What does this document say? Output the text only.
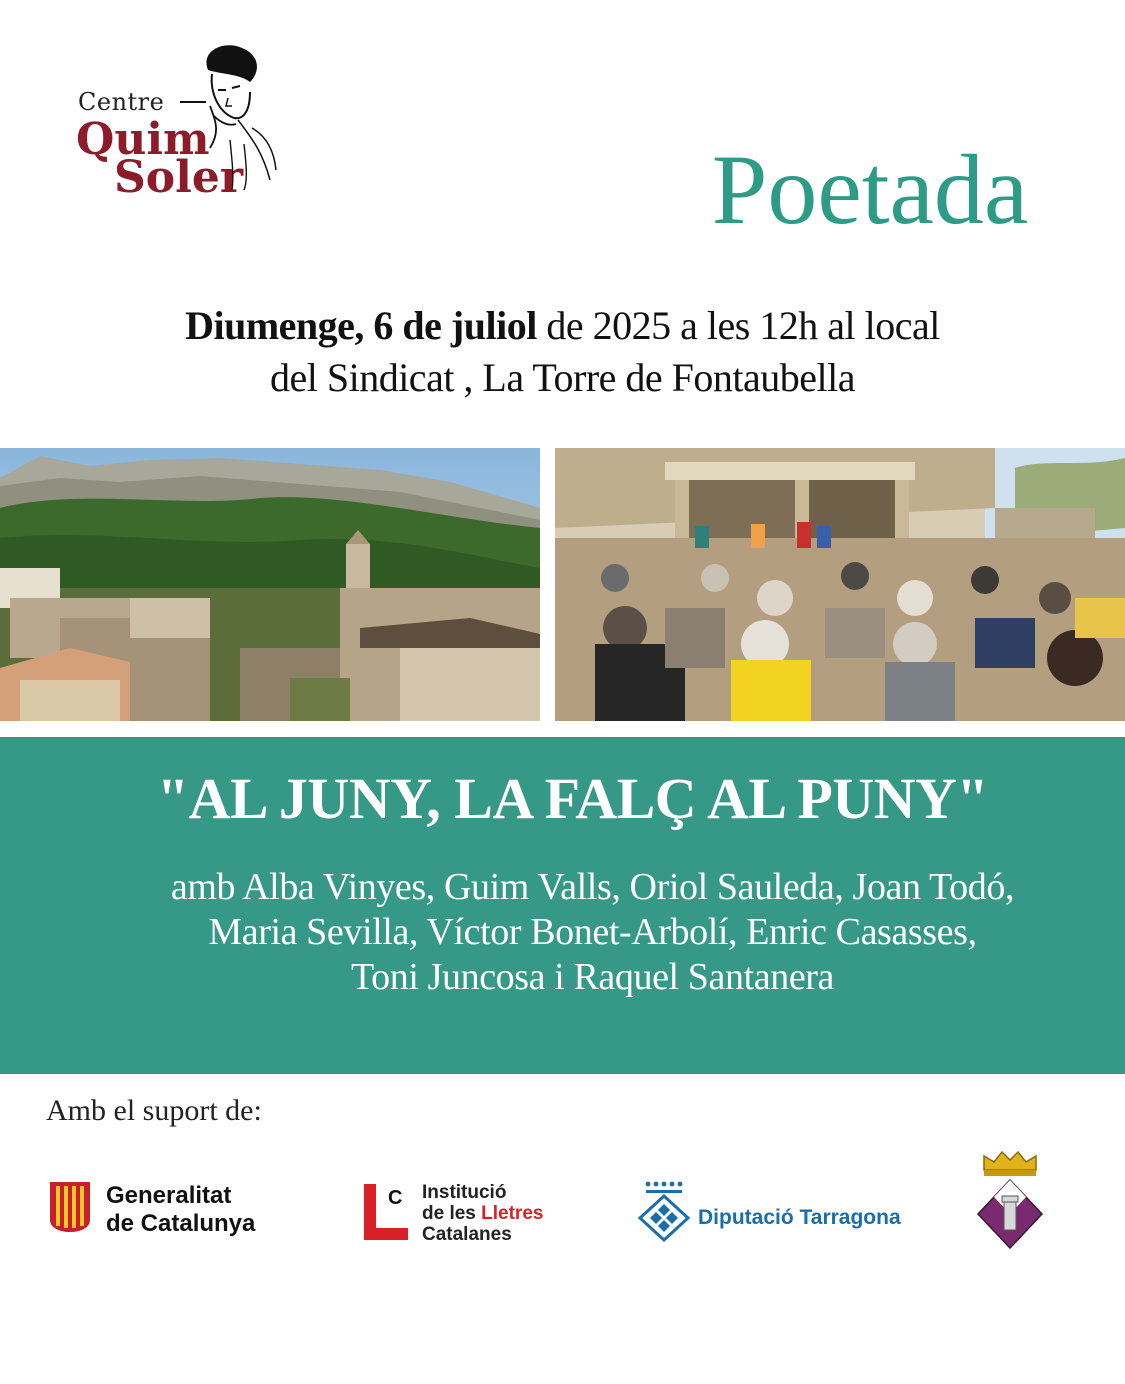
Centre
Quim
Soler	Poetada
Diumenge, 6 de juliol de 2025 a les 12h al local
del Sindicat , La Torre de Fontaubella
"AL JUNY, LA FALÇ AL PUNY"
amb Alba Vinyes, Guim Valls, Oriol Sauleda, Joan Todó,
Maria Sevilla, Víctor Bonet-Arbolí, Enric Casasses,
Toni Juncosa i Raquel Santanera
Amb el suport de:
Generalitat
de Catalunya
C Institució
de les Lletres
Catalanes
Diputació Tarragona
